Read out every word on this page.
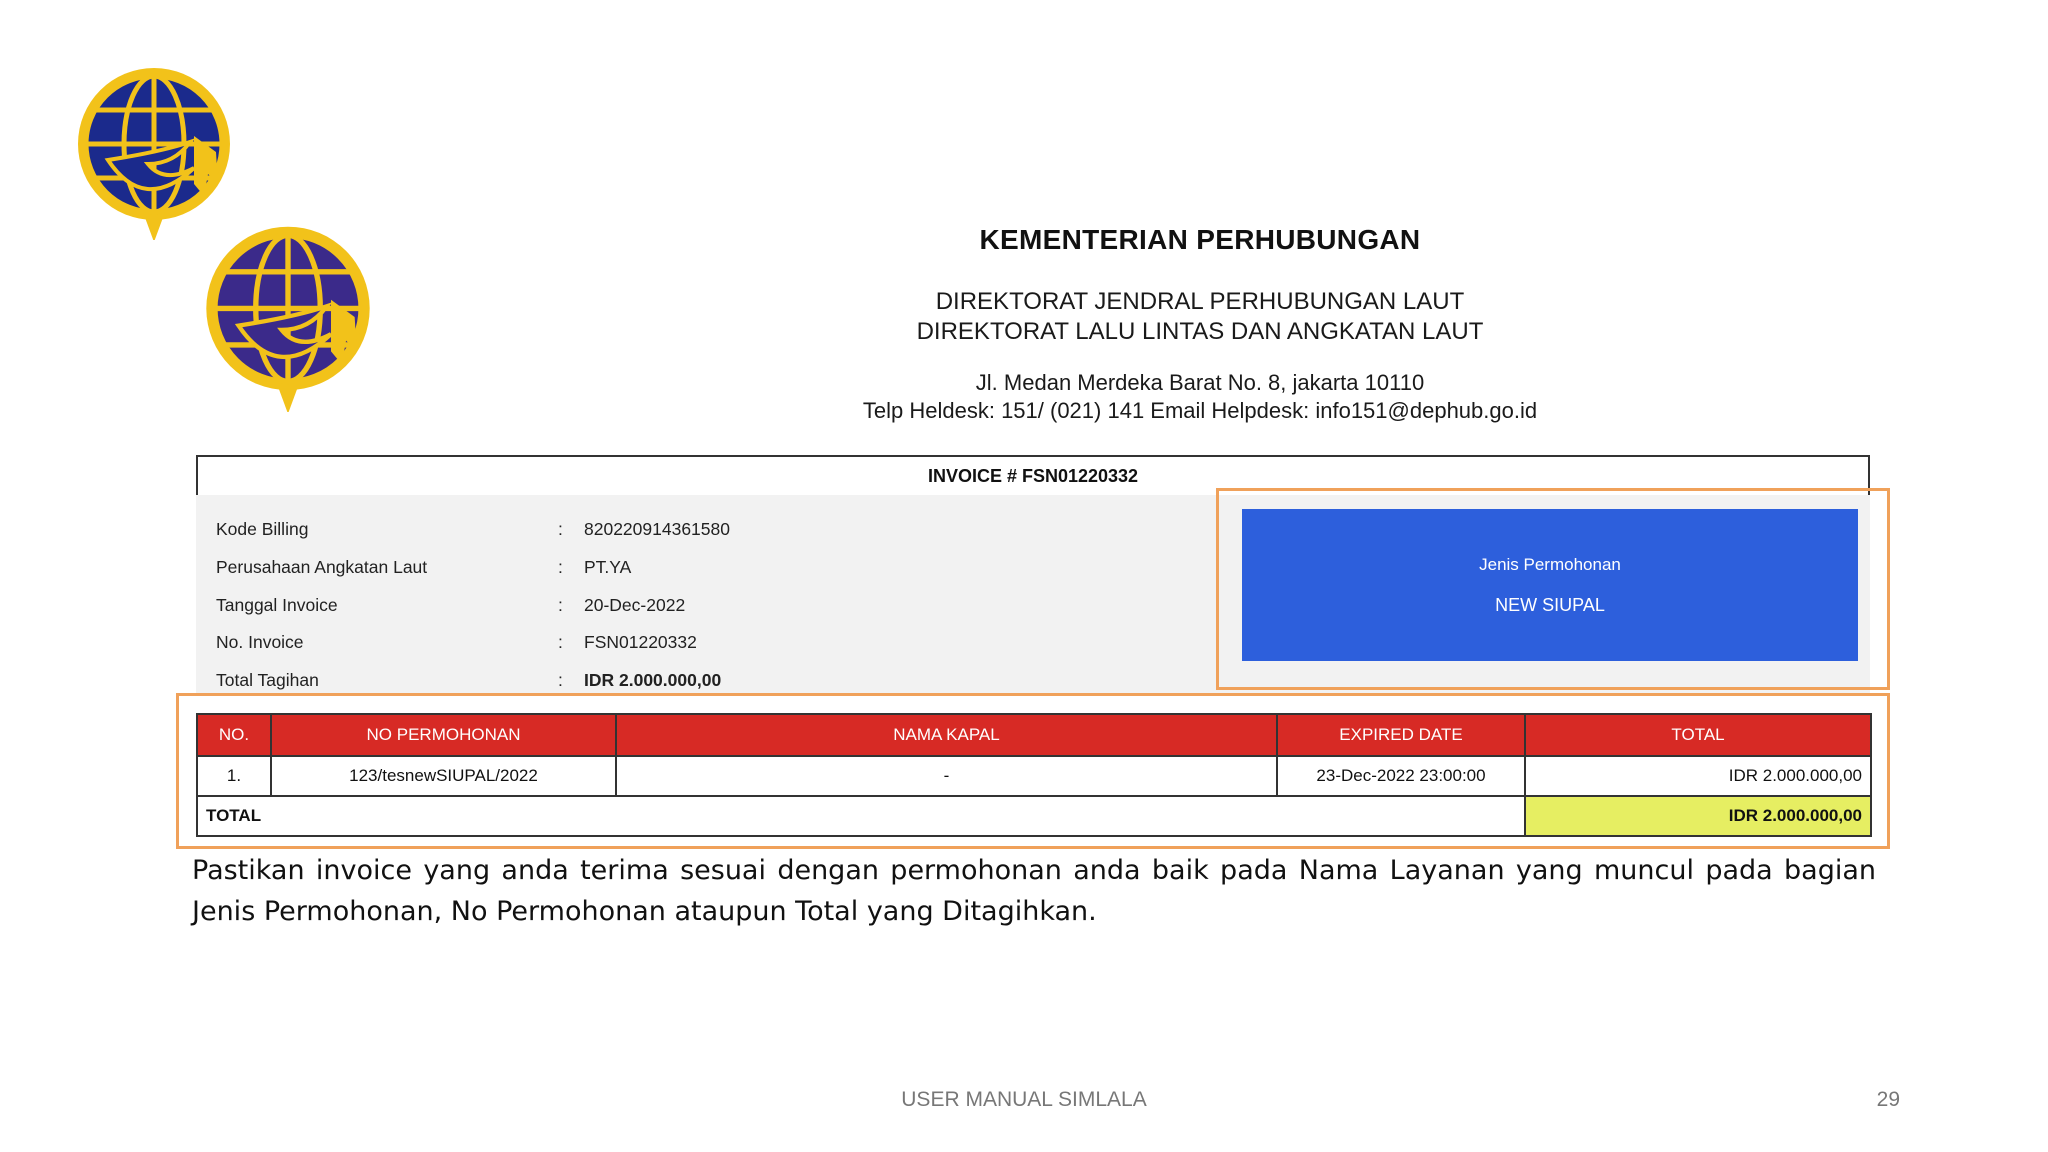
KEMENTERIAN PERHUBUNGAN
DIREKTORAT JENDRAL PERHUBUNGAN LAUT
DIREKTORAT LALU LINTAS DAN ANGKATAN LAUT
Jl. Medan Merdeka Barat No. 8, jakarta 10110
Telp Heldesk: 151/ (021) 141 Email Helpdesk: info151@dephub.go.id
INVOICE # FSN01220332
Kode Billing	:	820220914361580
Perusahaan Angkatan Laut	:	PT.YA
Tanggal Invoice	:	20-Dec-2022
No. Invoice	:	FSN01220332
Total Tagihan	:	IDR 2.000.000,00
Jenis Permohonan
NEW SIUPAL
NO.	NO PERMOHONAN	NAMA KAPAL	EXPIRED DATE	TOTAL
1.	123/tesnewSIUPAL/2022	-	23-Dec-2022 23:00:00	IDR 2.000.000,00
TOTAL				IDR 2.000.000,00
Pastikan invoice yang anda terima sesuai dengan permohonan anda baik pada Nama Layanan yang muncul pada bagian Jenis Permohonan, No Permohonan ataupun Total yang Ditagihkan.
USER MANUAL SIMLALA	29
